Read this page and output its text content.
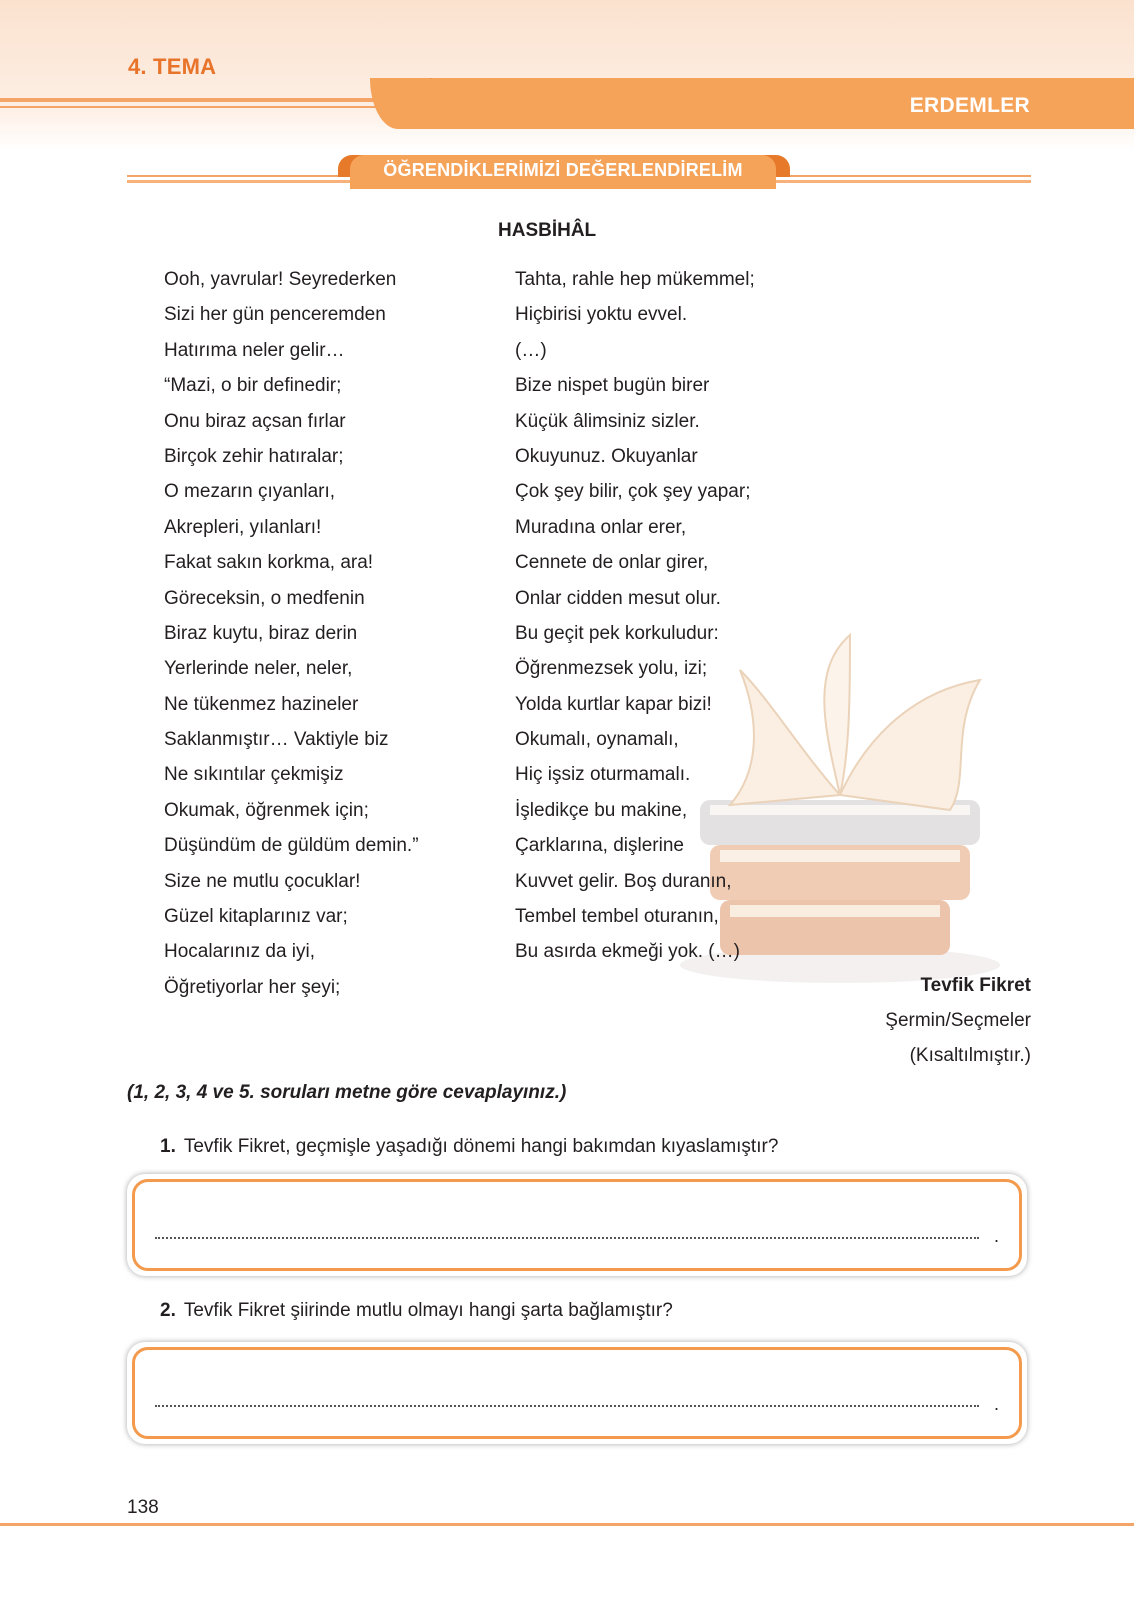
4. TEMA
ERDEMLER
ÖĞRENDİKLERİMİZİ DEĞERLENDİRELİM
HASBİHÂL
Ooh, yavrular! Seyrederken
Sizi her gün penceremden
Hatırıma neler gelir…
“Mazi, o bir definedir;
Onu biraz açsan fırlar
Birçok zehir hatıralar;
O mezarın çıyanları,
Akrepleri, yılanları!
Fakat sakın korkma, ara!
Göreceksin, o medfenin
Biraz kuytu, biraz derin
Yerlerinde neler, neler,
Ne tükenmez hazineler
Saklanmıştır… Vaktiyle biz
Ne sıkıntılar çekmişiz
Okumak, öğrenmek için;
Düşündüm de güldüm demin.”
Size ne mutlu çocuklar!
Güzel kitaplarınız var;
Hocalarınız da iyi,
Öğretiyorlar her şeyi;
Tahta, rahle hep mükemmel;
Hiçbirisi yoktu evvel.
(…)
Bize nispet bugün birer
Küçük âlimsiniz sizler.
Okuyunuz. Okuyanlar
Çok şey bilir, çok şey yapar;
Muradına onlar erer,
Cennete de onlar girer,
Onlar cidden mesut olur.
Bu geçit pek korkuludur:
Öğrenmezsek yolu, izi;
Yolda kurtlar kapar bizi!
Okumalı, oynamalı,
Hiç işsiz oturmamalı.
İşledikçe bu makine,
Çarklarına, dişlerine
Kuvvet gelir. Boş duranın,
Tembel tembel oturanın,
Bu asırda ekmeği yok. (…)
Tevfik Fikret
Şermin/Seçmeler
(Kısaltılmıştır.)
(1, 2, 3, 4 ve 5. soruları metne göre cevaplayınız.)
1. Tevfik Fikret, geçmişle yaşadığı dönemi hangi bakımdan kıyaslamıştır?
.
2. Tevfik Fikret şiirinde mutlu olmayı hangi şarta bağlamıştır?
.
138
